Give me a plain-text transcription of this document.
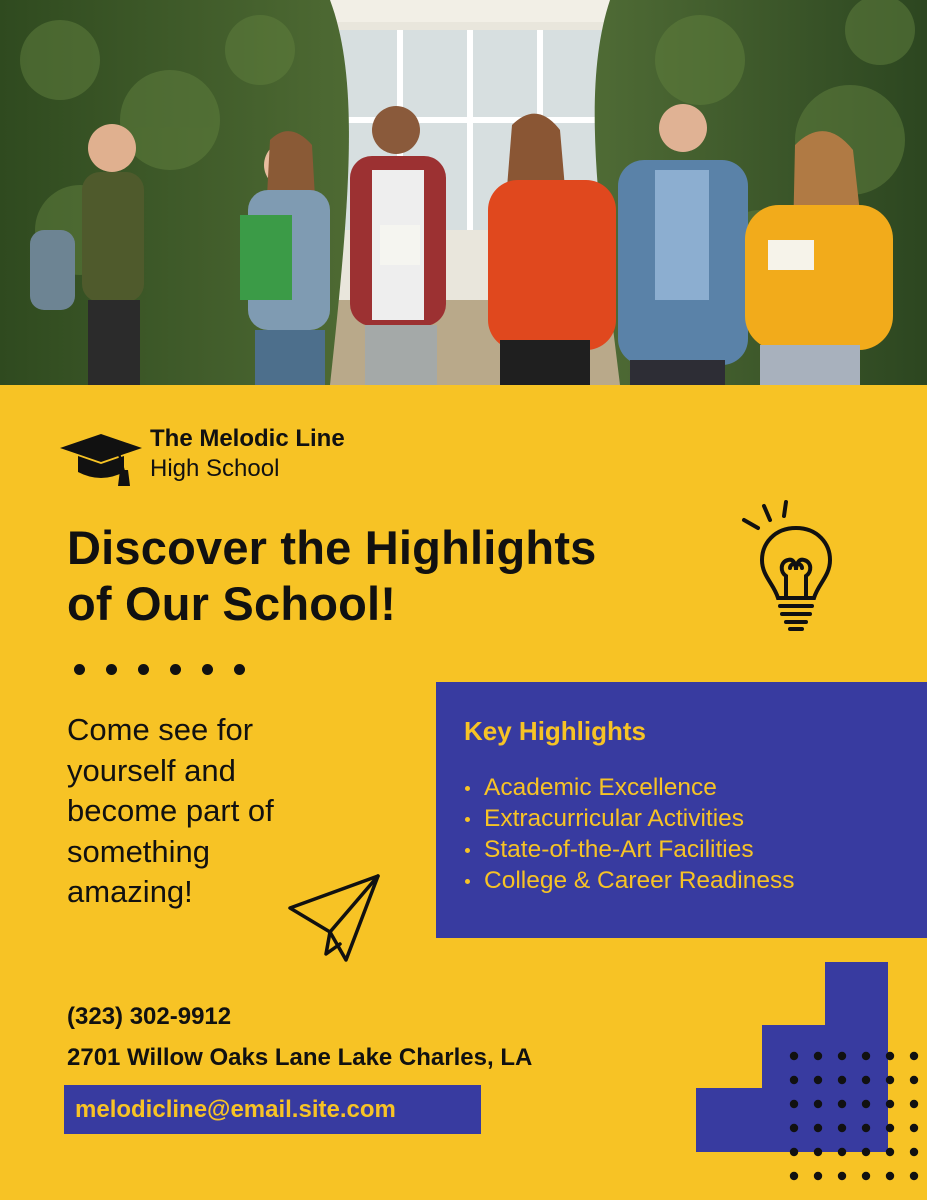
The Melodic Line
High School
Discover the Highlights
of Our School!

Come see for
yourself and
become part of
something
amazing!

Key Highlights
Academic Excellence
Extracurricular Activities
State-of-the-Art Facilities
College & Career Readiness
(323) 302-9912
2701 Willow Oaks Lane Lake Charles, LA
melodicline@email.site.com
